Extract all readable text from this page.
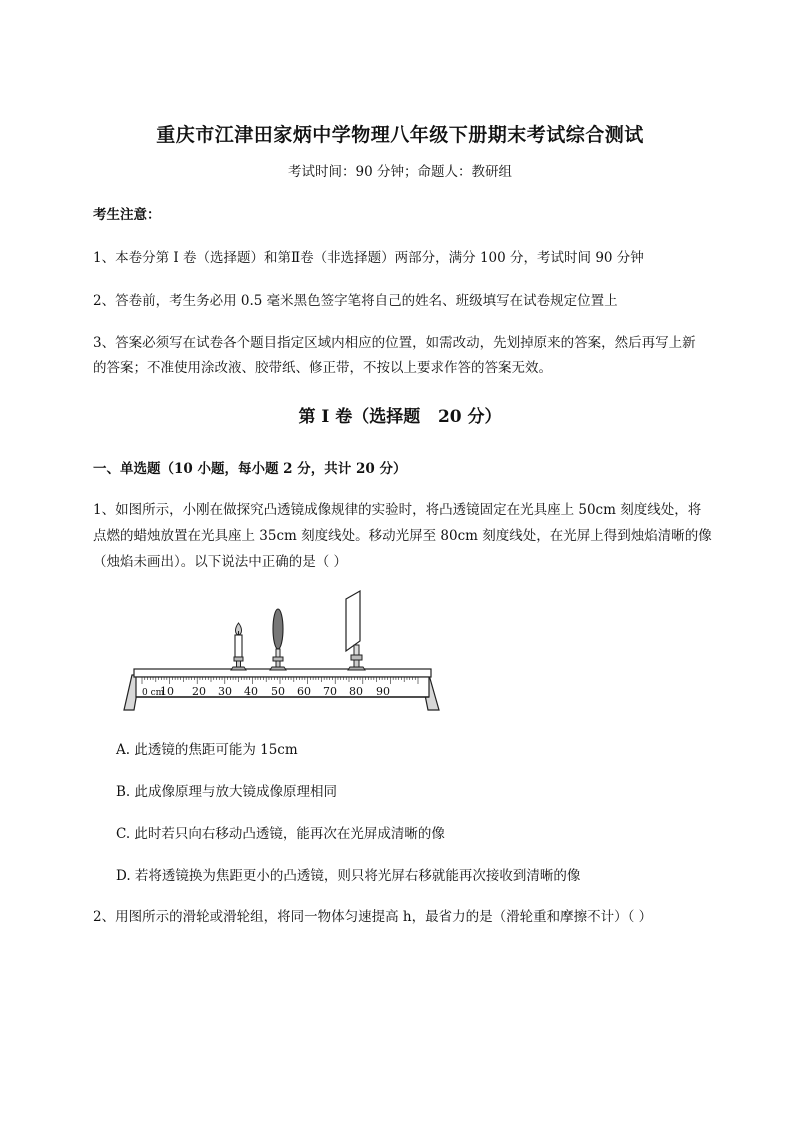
重庆市江津田家炳中学物理八年级下册期末考试综合测试
考试时间：90 分钟；命题人：教研组
考生注意：
1、本卷分第 I 卷（选择题）和第Ⅱ卷（非选择题）两部分，满分 100 分，考试时间 90 分钟
2、答卷前，考生务必用 0.5 毫米黑色签字笔将自己的姓名、班级填写在试卷规定位置上
3、答案必须写在试卷各个题目指定区域内相应的位置，如需改动，先划掉原来的答案，然后再写上新
的答案；不准使用涂改液、胶带纸、修正带，不按以上要求作答的答案无效。
第 I 卷（选择题   20 分）
一、单选题（10 小题，每小题 2 分，共计 20 分）
1、如图所示，小刚在做探究凸透镜成像规律的实验时，将凸透镜固定在光具座上 50cm 刻度线处，将
点燃的蜡烛放置在光具座上 35cm 刻度线处。移动光屏至 80cm 刻度线处，在光屏上得到烛焰清晰的像
（烛焰未画出）。以下说法中正确的是（ ）
0 cm
10 20 30 40 50 60 70 80 90
A. 此透镜的焦距可能为 15cm
B. 此成像原理与放大镜成像原理相同
C. 此时若只向右移动凸透镜，能再次在光屏成清晰的像
D. 若将透镜换为焦距更小的凸透镜，则只将光屏右移就能再次接收到清晰的像
2、用图所示的滑轮或滑轮组，将同一物体匀速提高 h，最省力的是（滑轮重和摩擦不计）（ ）
